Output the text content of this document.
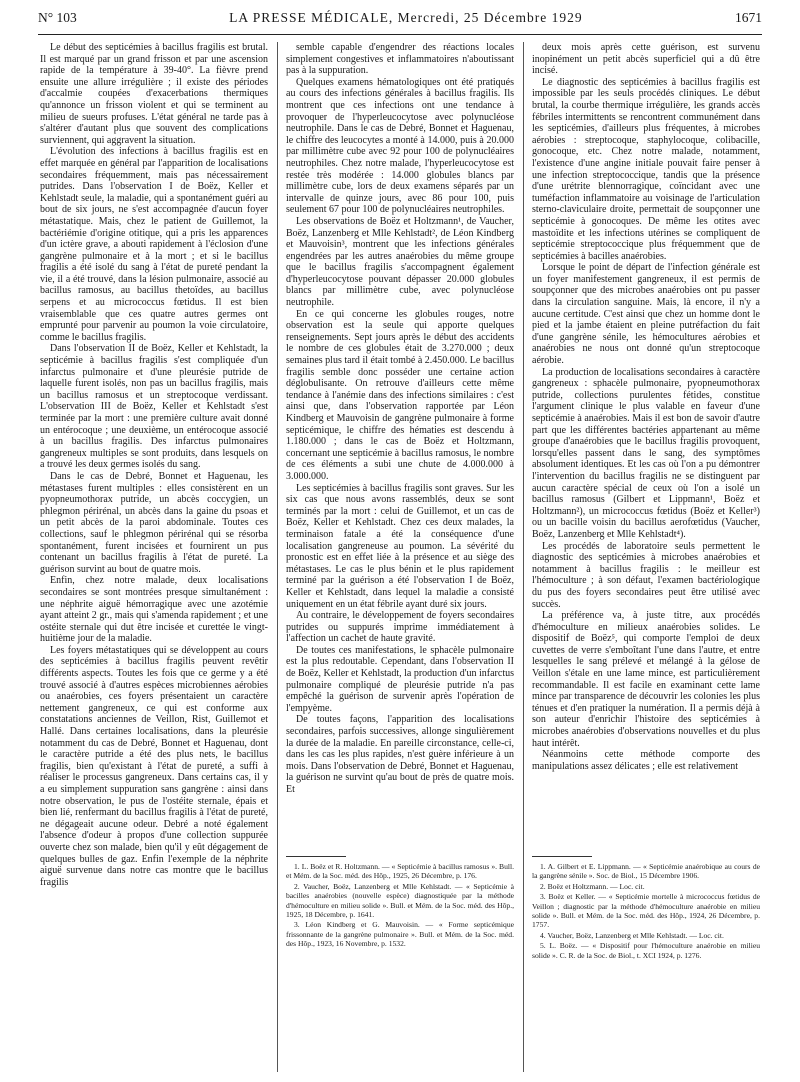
N° 103	LA PRESSE MÉDICALE, Mercredi, 25 Décembre 1929	1671

Le début des septicémies à bacillus fragilis est brutal. Il est marqué par un grand frisson et par une ascension rapide de la température à 39-40°. La fièvre prend ensuite une allure irrégulière ; il existe des périodes d'accalmie coupées d'exacerbations thermiques qu'annonce un frisson violent et qui se terminent au milieu de sueurs profuses. L'état général ne tarde pas à s'altérer d'autant plus que souvent des complications surviennent, qui aggravent la situation.

L'évolution des infections à bacillus fragilis est en effet marquée en général par l'apparition de localisations secondaires fréquemment, mais pas nécessairement putrides. Dans l'observation I de Boëz, Keller et Kehlstadt seule, la maladie, qui a spontanément guéri au bout de six jours, ne s'est accompagnée d'aucun foyer métastatique. Mais, chez le patient de Guillemot, la bactériémie d'origine otitique, qui a pris les apparences d'un ictère grave, a abouti rapidement à l'éclosion d'une gangrène pulmonaire et à la mort ; et si le bacillus fragilis a été isolé du sang à l'état de pureté pendant la vie, il a été trouvé, dans la lésion pulmonaire, associé au bacillus ramosus, au bacillus thetoïdes, au bacillus serpens et au micrococcus fœtidus. Il est bien vraisemblable que ces quatre autres germes ont emprunté pour parvenir au poumon la voie circulatoire, comme le bacillus fragilis.

Dans l'observation II de Boëz, Keller et Kehlstadt, la septicémie à bacillus fragilis s'est compliquée d'un infarctus pulmonaire et d'une pleurésie putride de laquelle furent isolés, non pas un bacillus fragilis, mais un bacillus ramosus et un streptocoque verdissant. L'observation III de Boëz, Keller et Kehlstadt s'est terminée par la mort : une première culture avait donné un entérocoque ; une deuxième, un entérocoque associé à un bacillus fragilis. Des infarctus pulmonaires gangreneux multiples se sont produits, dans lesquels on a trouvé les deux germes isolés du sang.

Dans le cas de Debré, Bonnet et Haguenau, les métastases furent multiples : elles consistèrent en un pyopneumothorax putride, un abcès coccygien, un phlegmon périrénal, un abcès dans la gaine du psoas et un petit abcès de la paroi abdominale. Toutes ces collections, sauf le phlegmon périrénal qui se résorba spontanément, furent incisées et fournirent un pus contenant un bacillus fragilis à l'état de pureté. La guérison survint au bout de quatre mois.

Enfin, chez notre malade, deux localisations secondaires se sont montrées presque simultanément : une néphrite aiguë hémorragique avec une azotémie ayant atteint 2 gr., mais qui s'amenda rapidement ; et une ostéite sternale qui dut être incisée et curettée le vingt-huitième jour de la maladie.

Les foyers métastatiques qui se développent au cours des septicémies à bacillus fragilis peuvent revêtir différents aspects. Toutes les fois que ce germe y a été trouvé associé à d'autres espèces microbiennes aérobies ou anaérobies, ces foyers présentaient un caractère nettement gangreneux, ce qui est conforme aux constatations anciennes de Veillon, Rist, Guillemot et Hallé. Dans certaines localisations, dans la pleurésie notamment du cas de Debré, Bonnet et Haguenau, dont le caractère putride a été des plus nets, le bacillus fragilis, bien qu'existant à l'état de pureté, a suffi à réaliser le processus gangreneux. Dans certains cas, il y a eu simplement suppuration sans gangrène : ainsi dans notre observation, le pus de l'ostéite sternale, épais et bien lié, renfermant du bacillus fragilis à l'état de pureté, ne dégageait aucune odeur. Debré a noté également l'absence d'odeur à propos d'une collection suppurée ouverte chez son malade, bien qu'il y eût dégagement de quelques bulles de gaz. Enfin l'exemple de la néphrite aiguë survenue dans notre cas montre que le bacillus fragilis

semble capable d'engendrer des réactions locales simplement congestives et inflammatoires n'aboutissant pas à la suppuration.

Quelques examens hématologiques ont été pratiqués au cours des infections générales à bacillus fragilis. Ils montrent que ces infections ont une tendance à provoquer de l'hyperleucocytose avec polynucléose neutrophile. Dans le cas de Debré, Bonnet et Haguenau, le chiffre des leucocytes a monté à 14.000, puis à 20.000 par millimètre cube avec 92 pour 100 de polynucléaires neutrophiles. Chez notre malade, l'hyperleucocytose est restée très modérée : 14.000 globules blancs par millimètre cube, lors de deux examens séparés par un intervalle de quinze jours, avec 86 pour 100, puis seulement 67 pour 100 de polynucléaires neutrophiles.

Les observations de Boëz et Holtzmann¹, de Vaucher, Boëz, Lanzenberg et Mlle Kehlstadt², de Léon Kindberg et Mauvoisin³, montrent que les infections générales engendrées par les autres anaérobies du même groupe que le bacillus fragilis s'accompagnent également d'hyperleucocytose pouvant dépasser 20.000 globules blancs par millimètre cube, avec polynucléose neutrophile.

En ce qui concerne les globules rouges, notre observation est la seule qui apporte quelques renseignements. Sept jours après le début des accidents le nombre de ces globules était de 3.270.000 ; deux semaines plus tard il était tombé à 2.450.000. Le bacillus fragilis semble donc posséder une certaine action déglobulisante. On retrouve d'ailleurs cette même tendance à l'anémie dans des infections similaires : c'est ainsi que, dans l'observation rapportée par Léon Kindberg et Mauvoisin de gangrène pulmonaire à forme septicémique, le chiffre des hématies est descendu à 1.180.000 ; dans le cas de Boëz et Holtzmann, concernant une septicémie à bacillus ramosus, le nombre de ces éléments a subi une chute de 4.000.000 à 3.000.000.

Les septicémies à bacillus fragilis sont graves. Sur les six cas que nous avons rassemblés, deux se sont terminés par la mort : celui de Guillemot, et un cas de Boëz, Keller et Kehlstadt. Chez ces deux malades, la terminaison fatale a été la conséquence d'une localisation gangreneuse au poumon. La sévérité du pronostic est en effet liée à la présence et au siège des métastases. Le cas le plus bénin et le plus rapidement terminé par la guérison a été l'observation I de Boëz, Keller et Kehlstadt, dans lequel la maladie a consisté uniquement en un état fébrile ayant duré six jours.

Au contraire, le développement de foyers secondaires putrides ou suppurés imprime immédiatement à l'affection un cachet de haute gravité.

De toutes ces manifestations, le sphacèle pulmonaire est la plus redoutable. Cependant, dans l'observation II de Boëz, Keller et Kehlstadt, la production d'un infarctus pulmonaire compliqué de pleurésie putride n'a pas empêché la guérison de survenir après l'opération de l'empyème.

De toutes façons, l'apparition des localisations secondaires, parfois successives, allonge singulièrement la durée de la maladie. En pareille circonstance, celle-ci, dans les cas les plus rapides, n'est guère inférieure à un mois. Dans l'observation de Debré, Bonnet et Haguenau, la guérison ne survint qu'au bout de près de quatre mois. Et

deux mois après cette guérison, est survenu inopinément un petit abcès superficiel qui a dû être incisé.

Le diagnostic des septicémies à bacillus fragilis est impossible par les seuls procédés cliniques. Le début brutal, la courbe thermique irrégulière, les grands accès fébriles intermittents se rencontrent communément dans les septicémies, d'ailleurs plus fréquentes, à microbes aérobies : streptocoque, staphylocoque, colibacille, gonocoque, etc. Chez notre malade, notamment, l'existence d'une angine initiale pouvait faire penser à une infection streptococcique, tandis que la présence d'une urétrite blennorragique, coïncidant avec une tuméfaction inflammatoire au voisinage de l'articulation sterno-claviculaire droite, permettait de soupçonner une septicémie à gonocoques. De même les otites avec mastoïdite et les infections utérines se compliquent de septicémie streptococcique plus fréquemment que de septicémies à bacilles anaérobies.

Lorsque le point de départ de l'infection générale est un foyer manifestement gangreneux, il est permis de soupçonner que des microbes anaérobies ont pu passer dans la circulation sanguine. Mais, là encore, il n'y a aucune certitude. C'est ainsi que chez un homme dont le pied et la jambe étaient en pleine putréfaction du fait d'une gangrène sénile, les hémocultures aérobies et anaérobies ne nous ont donné qu'un streptocoque aérobie.

La production de localisations secondaires à caractère gangreneux : sphacèle pulmonaire, pyopneumothorax putride, collections purulentes fétides, constitue l'argument clinique le plus valable en faveur d'une septicémie à anaérobies. Mais il est bon de savoir d'autre part que les différentes bactéries appartenant au même groupe d'anaérobies que le bacillus fragilis provoquent, lorsqu'elles passent dans le sang, des symptômes absolument identiques. Et les cas où l'on a pu démontrer l'intervention du bacillus fragilis ne se distinguent par aucun caractère spécial de ceux où l'on a isolé un bacillus ramosus (Gilbert et Lippmann¹, Boëz et Holtzmann²), un micrococcus fœtidus (Boëz et Keller³) ou un bacille voisin du bacillus aerofœtidus (Vaucher, Boëz, Lanzenberg et Mlle Kehlstadt⁴).

Les procédés de laboratoire seuls permettent le diagnostic des septicémies à microbes anaérobies et notamment à bacillus fragilis : le meilleur est l'hémoculture ; à son défaut, l'examen bactériologique du pus des foyers secondaires peut être utilisé avec succès.

La préférence va, à juste titre, aux procédés d'hémoculture en milieux anaérobies solides. Le dispositif de Boëz⁵, qui comporte l'emploi de deux cuvettes de verre s'emboîtant l'une dans l'autre, et entre lesquelles le sang prélevé et mélangé à la gélose de Veillon s'étale en une lame mince, est particulièrement recommandable. Il est facile en examinant cette lame mince par transparence de découvrir les colonies les plus ténues et d'en pratiquer la numération. Il a permis déjà à son auteur d'enrichir l'histoire des septicémies à microbes anaérobies d'observations nouvelles et du plus haut intérêt.

Néanmoins cette méthode comporte des manipulations assez délicates ; elle est relativement

1. L. Boëz et R. Holtzmann. — « Septicémie à bacillus ramosus ». Bull. et Mém. de la Soc. méd. des Hôp., 1925, 26 Décembre, p. 176.

2. Vaucher, Boëz, Lanzenberg et Mlle Kehlstadt. — « Septicémie à bacilles anaérobies (nouvelle espèce) diagnostiquée par la méthode d'hémoculture en milieu solide ». Bull. et Mém. de la Soc. méd. des Hôp., 1925, 18 Décembre, p. 1641.

3. Léon Kindberg et G. Mauvoisin. — « Forme septicémique frissonnante de la gangrène pulmonaire ». Bull. et Mém. de la Soc. méd. des Hôp., 1923, 16 Novembre, p. 1532.

1. A. Gilbert et E. Lippmann. — « Septicémie anaérobique au cours de la gangrène sénile ». Soc. de Biol., 15 Décembre 1906.

2. Boëz et Holtzmann. — Loc. cit.

3. Boëz et Keller. — « Septicémie mortelle à micrococcus fœtidus de Veillon ; diagnostic par la méthode d'hémoculture anaérobie en milieu solide ». Bull. et Mém. de la Soc. méd. des Hôp., 1924, 26 Décembre, p. 1757.

4. Vaucher, Boëz, Lanzenberg et Mlle Kehlstadt. — Loc. cit.

5. L. Boëz. — « Dispositif pour l'hémoculture anaérobie en milieu solide ». C. R. de la Soc. de Biol., t. XCI 1924, p. 1276.
